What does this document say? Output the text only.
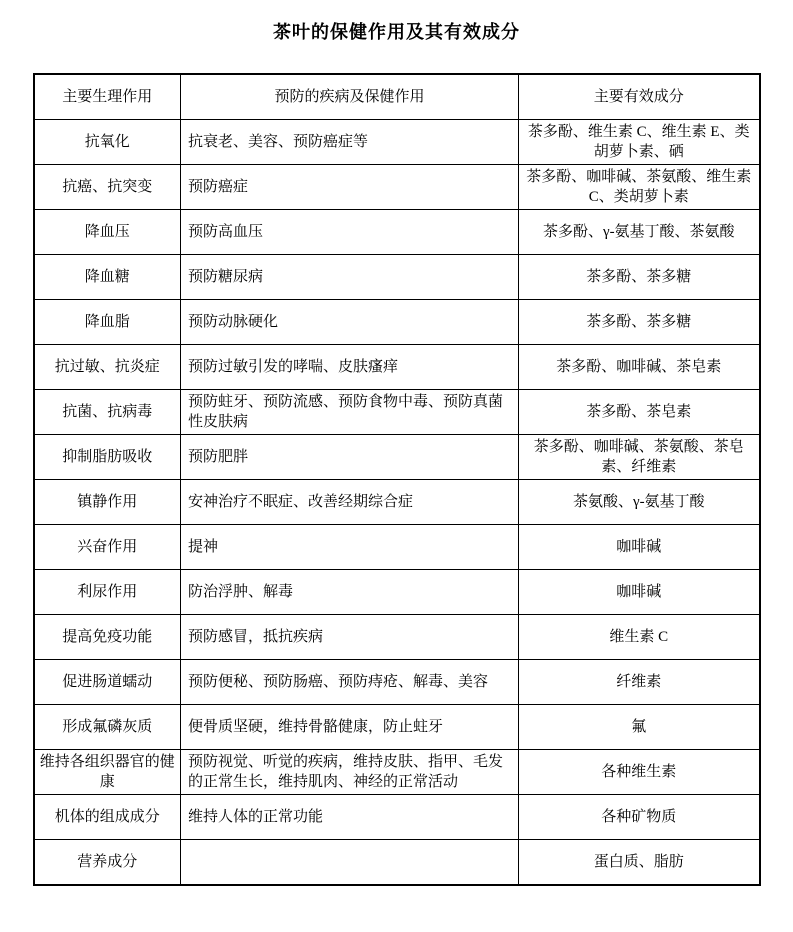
茶叶的保健作用及其有效成分
主要生理作用	预防的疾病及保健作用	主要有效成分
抗氧化	抗衰老、美容、预防癌症等	茶多酚、维生素 C、维生素 E、类胡萝卜素、硒
抗癌、抗突变	预防癌症	茶多酚、咖啡碱、茶氨酸、维生素 C、类胡萝卜素
降血压	预防高血压	茶多酚、γ-氨基丁酸、茶氨酸
降血糖	预防糖尿病	茶多酚、茶多糖
降血脂	预防动脉硬化	茶多酚、茶多糖
抗过敏、抗炎症	预防过敏引发的哮喘、皮肤瘙痒	茶多酚、咖啡碱、茶皂素
抗菌、抗病毒	预防蛀牙、预防流感、预防食物中毒、预防真菌性皮肤病	茶多酚、茶皂素
抑制脂肪吸收	预防肥胖	茶多酚、咖啡碱、茶氨酸、茶皂素、纤维素
镇静作用	安神治疗不眠症、改善经期综合症	茶氨酸、γ-氨基丁酸
兴奋作用	提神	咖啡碱
利尿作用	防治浮肿、解毒	咖啡碱
提高免疫功能	预防感冒，抵抗疾病	维生素 C
促进肠道蠕动	预防便秘、预防肠癌、预防痔疮、解毒、美容	纤维素
形成氟磷灰质	便骨质坚硬，维持骨骼健康，防止蛀牙	氟
维持各组织器官的健康	预防视觉、听觉的疾病，维持皮肤、指甲、毛发的正常生长，维持肌肉、神经的正常活动	各种维生素
机体的组成成分	维持人体的正常功能	各种矿物质
营养成分		蛋白质、脂肪
